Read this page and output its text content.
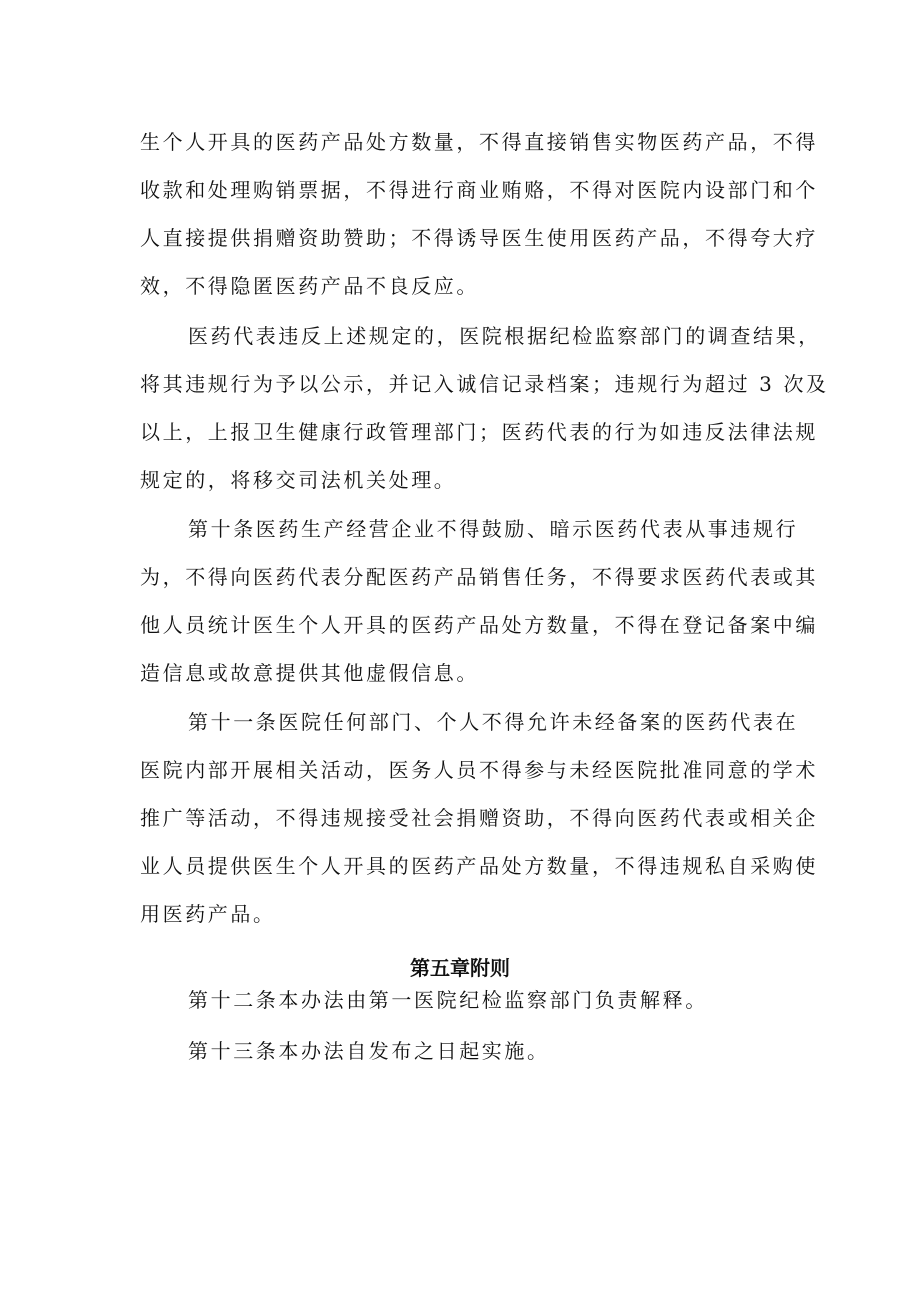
生个人开具的医药产品处方数量，不得直接销售实物医药产品，不得
收款和处理购销票据，不得进行商业贿赂，不得对医院内设部门和个
人直接提供捐赠资助赞助；不得诱导医生使用医药产品，不得夸大疗
效，不得隐匿医药产品不良反应。
医药代表违反上述规定的，医院根据纪检监察部门的调查结果，
将其违规行为予以公示，并记入诚信记录档案；违规行为超过 3 次及
以上，上报卫生健康行政管理部门；医药代表的行为如违反法律法规
规定的，将移交司法机关处理。
第十条医药生产经营企业不得鼓励、暗示医药代表从事违规行
为，不得向医药代表分配医药产品销售任务，不得要求医药代表或其
他人员统计医生个人开具的医药产品处方数量，不得在登记备案中编
造信息或故意提供其他虚假信息。
第十一条医院任何部门、个人不得允许未经备案的医药代表在
医院内部开展相关活动，医务人员不得参与未经医院批准同意的学术
推广等活动，不得违规接受社会捐赠资助，不得向医药代表或相关企
业人员提供医生个人开具的医药产品处方数量，不得违规私自采购使
用医药产品。
第五章附则
第十二条本办法由第一医院纪检监察部门负责解释。
第十三条本办法自发布之日起实施。
